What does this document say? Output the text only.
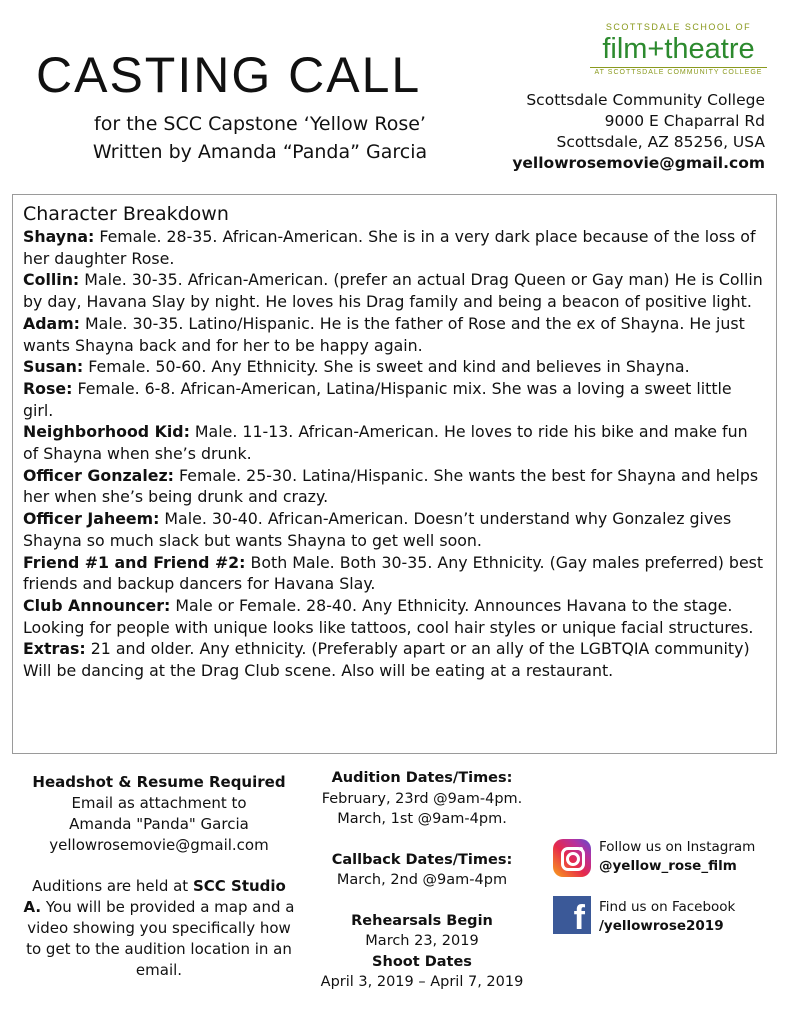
CASTING CALL
for the SCC Capstone ‘Yellow Rose’
Written by Amanda “Panda” Garcia
SCOTTSDALE SCHOOL OF
film+theatre
AT SCOTTSDALE COMMUNITY COLLEGE
Scottsdale Community College
9000 E Chaparral Rd
Scottsdale, AZ 85256, USA
yellowrosemovie@gmail.com
Character Breakdown

Shayna: Female. 28-35. African-American. She is in a very dark place because of the loss of her daughter Rose.

Collin: Male. 30-35. African-American. (prefer an actual Drag Queen or Gay man) He is Collin by day, Havana Slay by night. He loves his Drag family and being a beacon of positive light.

Adam: Male. 30-35. Latino/Hispanic. He is the father of Rose and the ex of Shayna. He just wants Shayna back and for her to be happy again.

Susan: Female. 50-60. Any Ethnicity. She is sweet and kind and believes in Shayna.

Rose: Female. 6-8. African-American, Latina/Hispanic mix. She was a loving a sweet little girl.

Neighborhood Kid: Male. 11-13. African-American. He loves to ride his bike and make fun of Shayna when she’s drunk.

Officer Gonzalez: Female. 25-30. Latina/Hispanic. She wants the best for Shayna and helps her when she’s being drunk and crazy.

Officer Jaheem: Male. 30-40. African-American. Doesn’t understand why Gonzalez gives Shayna so much slack but wants Shayna to get well soon.

Friend #1 and Friend #2: Both Male. Both 30-35. Any Ethnicity. (Gay males preferred) best friends and backup dancers for Havana Slay.

Club Announcer: Male or Female. 28-40. Any Ethnicity. Announces Havana to the stage. Looking for people with unique looks like tattoos, cool hair styles or unique facial structures.

Extras: 21 and older. Any ethnicity. (Preferably apart or an ally of the LGBTQIA community) Will be dancing at the Drag Club scene. Also will be eating at a restaurant.

Headshot & Resume Required
Email as attachment to
Amanda "Panda" Garcia
yellowrosemovie@gmail.com
Auditions are held at SCC Studio A. You will be provided a map and a video showing you specifically how to get to the audition location in an email.
Audition Dates/Times:
February, 23rd @9am-4pm.
March, 1st @9am-4pm.
Callback Dates/Times:
March, 2nd @9am-4pm
Rehearsals Begin
March 23, 2019
Shoot Dates
April 3, 2019 – April 7, 2019
Follow us on Instagram
@yellow_rose_film
f	Find us on Facebook
/yellowrose2019
